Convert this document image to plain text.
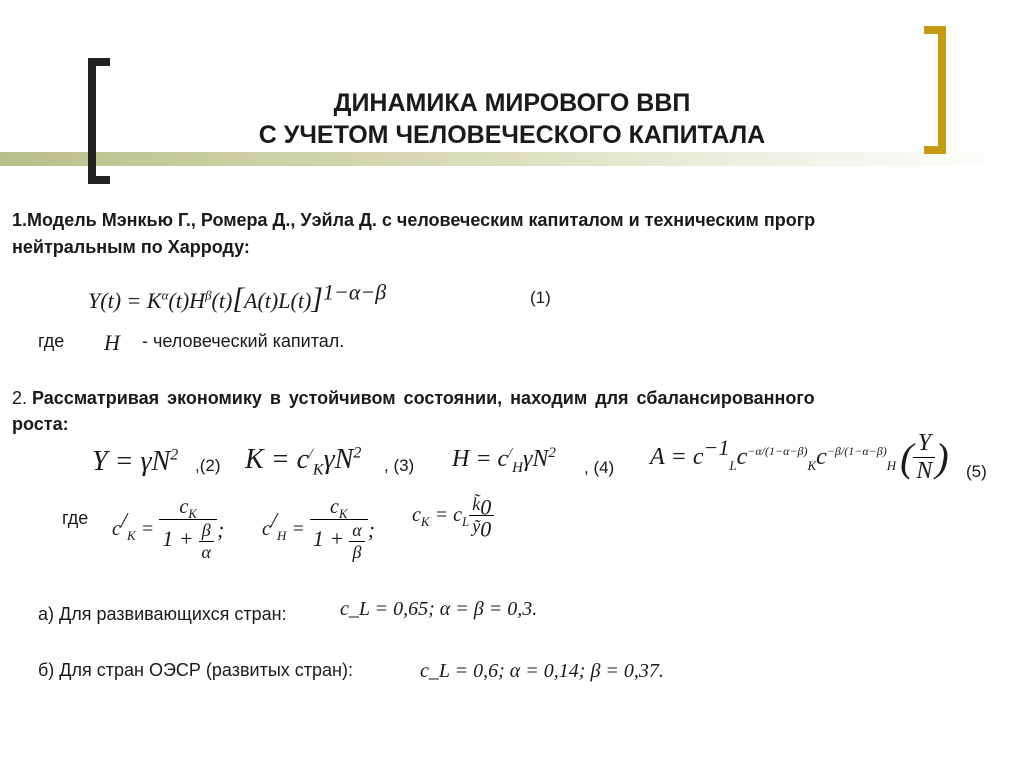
ДИНАМИКА МИРОВОГО ВВП
С УЧЕТОМ ЧЕЛОВЕЧЕСКОГО КАПИТАЛА
1.Модель Мэнкью Г., Ромера Д., Уэйла Д. с человеческим капиталом и техническим прогр
нейтральным по Харроду:
$Y(t) = K^\alpha(t)H^\beta(t)[A(t)L(t)]^{1-\alpha-\beta}$	(1)
где H - человеческий капитал.
2. Рассматривая экономику в устойчивом состоянии, находим для сбалансированного
роста:
$Y = \gamma N^2$
,(2) $K = c^/_K\gamma N^2$
, (3) $H = c^/_H\gamma N^2$
, (4) $A = c^{-1}_L$ $c^{-\alpha/(1-\alpha-\beta)}_K$ $c^{-\beta/(1-\alpha-\beta)}_H$ ( $\frac{Y}{N}$ ) (5)
где $c^/_K = \frac{c_K}{1 + \frac{\beta}{\alpha}}$ ; $c^/_H = \frac{c_K}{1 + \frac{\alpha}{\beta}}$ ;
$c_K = c_L \frac{k̃_0}{ỹ_0}$
а) Для развивающихся стран:	c_L = 0,65; α = β = 0,3.
б) Для стран ОЭСР (развитых стран):	c_L = 0,6; α = 0,14; β = 0,37.
